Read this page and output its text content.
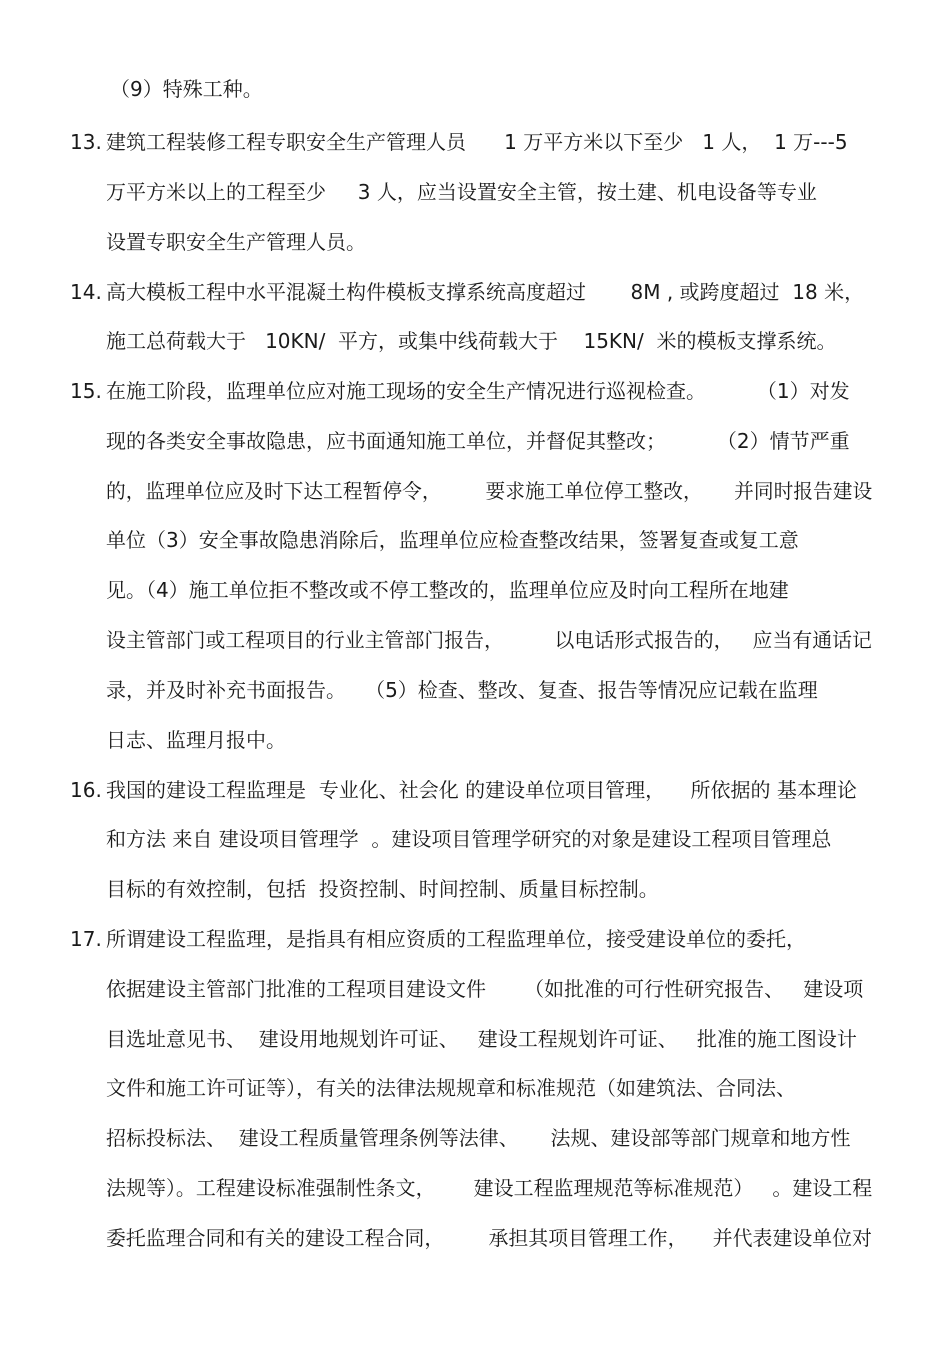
（9）特殊工种。
13. 建筑工程装修工程专职安全生产管理人员      1 万平方米以下至少   1 人，  1 万---5
万平方米以上的工程至少     3 人，应当设置安全主管，按土建、机电设备等专业
设置专职安全生产管理人员。
14. 高大模板工程中水平混凝土构件模板支撑系统高度超过       8M , 或跨度超过  18 米，
施工总荷载大于   10KN/  平方，或集中线荷载大于    15KN/  米的模板支撑系统。
15. 在施工阶段，监理单位应对施工现场的安全生产情况进行巡视检查。        （1）对发
现的各类安全事故隐患，应书面通知施工单位，并督促其整改；        （2）情节严重
的，监理单位应及时下达工程暂停令，       要求施工单位停工整改，     并同时报告建设
单位（3）安全事故隐患消除后，监理单位应检查整改结果，签署复查或复工意
见。（4）施工单位拒不整改或不停工整改的，监理单位应及时向工程所在地建
设主管部门或工程项目的行业主管部门报告，        以电话形式报告的，   应当有通话记
录，并及时补充书面报告。   （5）检查、整改、复查、报告等情况应记载在监理
日志、监理月报中。
16. 我国的建设工程监理是  专业化、社会化 的建设单位项目管理，    所依据的 基本理论
和方法 来自 建设项目管理学  。建设项目管理学研究的对象是建设工程项目管理总
目标的有效控制，包括  投资控制、时间控制、质量目标控制。
17. 所谓建设工程监理，是指具有相应资质的工程监理单位，接受建设单位的委托，
依据建设主管部门批准的工程项目建设文件      （如批准的可行性研究报告、   建设项
目选址意见书、  建设用地规划许可证、   建设工程规划许可证、   批准的施工图设计
文件和施工许可证等），有关的法律法规规章和标准规范（如建筑法、合同法、
招标投标法、  建设工程质量管理条例等法律、     法规、建设部等部门规章和地方性
法规等）。工程建设标准强制性条文，      建设工程监理规范等标准规范）   。建设工程
委托监理合同和有关的建设工程合同，       承担其项目管理工作，    并代表建设单位对
